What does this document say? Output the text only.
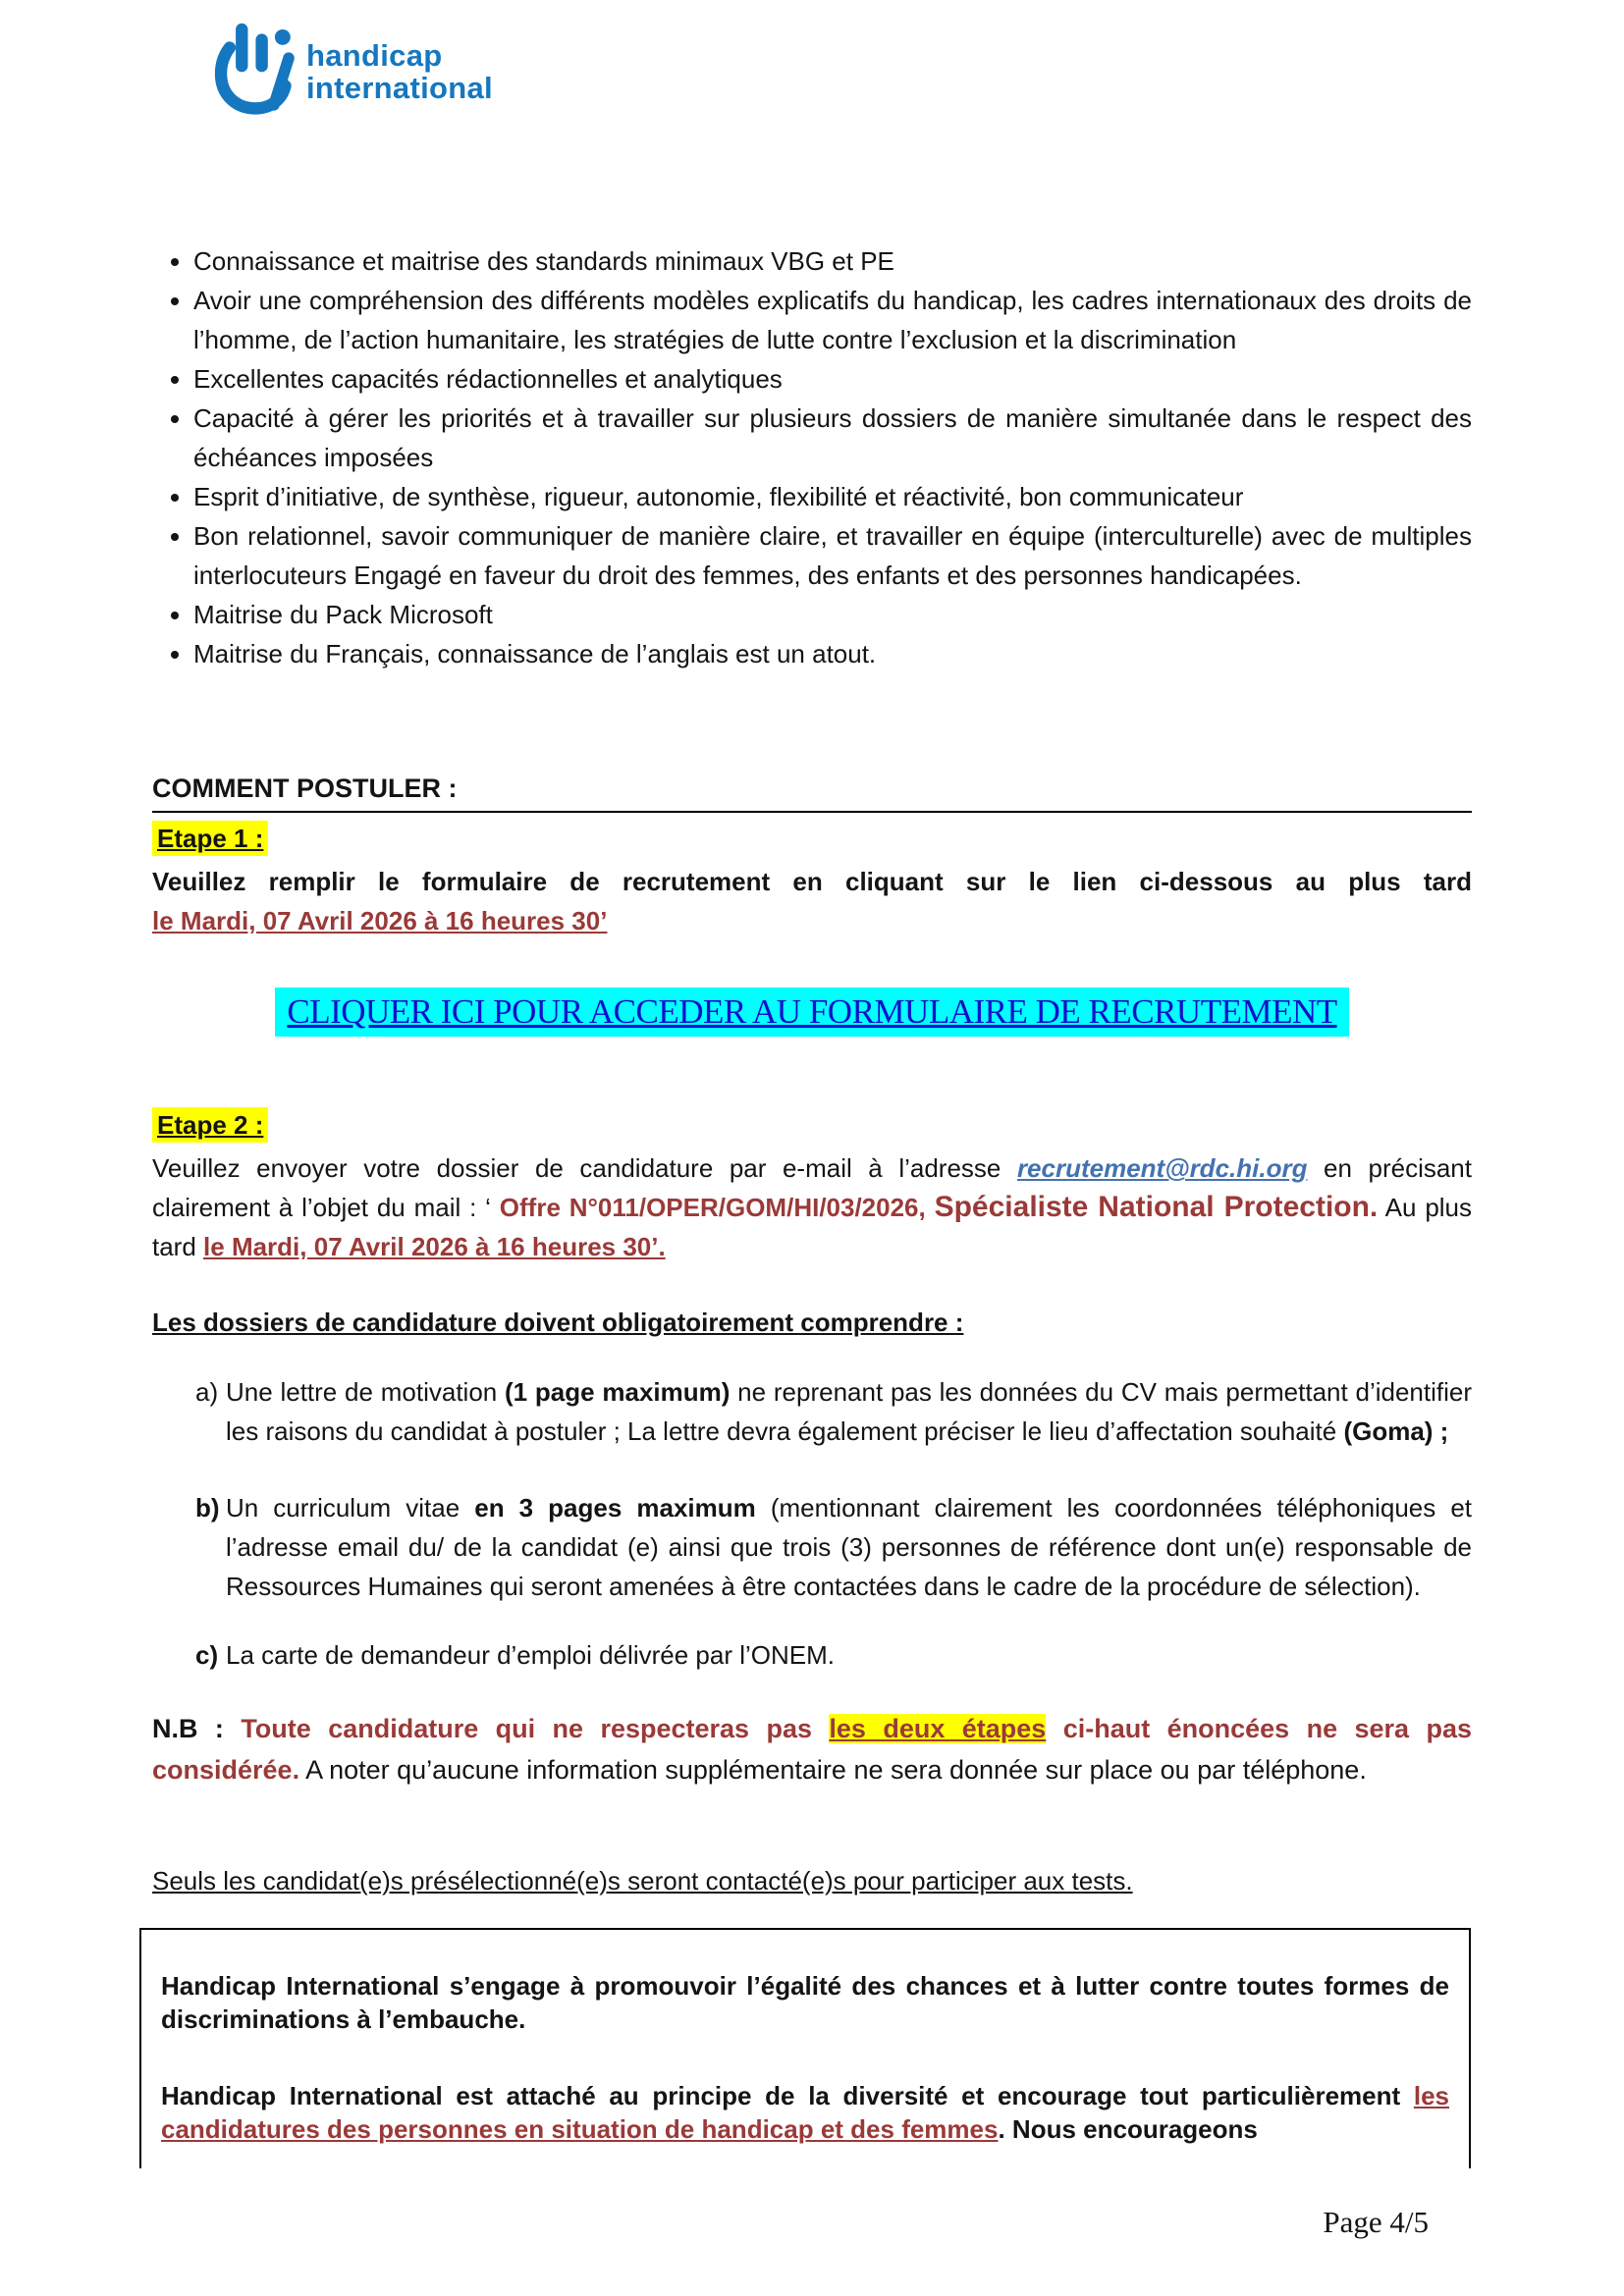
handicap
international
• Connaissance et maitrise des standards minimaux VBG et PE
• Avoir une compréhension des différents modèles explicatifs du handicap, les cadres internationaux des droits de l’homme, de l’action humanitaire, les stratégies de lutte contre l’exclusion et la discrimination
• Excellentes capacités rédactionnelles et analytiques
• Capacité à gérer les priorités et à travailler sur plusieurs dossiers de manière simultanée dans le respect des échéances imposées
• Esprit d’initiative, de synthèse, rigueur, autonomie, flexibilité et réactivité, bon communicateur
• Bon relationnel, savoir communiquer de manière claire, et travailler en équipe (interculturelle) avec de multiples interlocuteurs Engagé en faveur du droit des femmes, des enfants et des personnes handicapées.
• Maitrise du Pack Microsoft
• Maitrise du Français, connaissance de l’anglais est un atout.
COMMENT POSTULER :
Etape 1 :

Veuillez remplir le formulaire de recrutement en cliquant sur le lien ci-dessous au plus tard
le Mardi, 07 Avril 2026 à 16 heures 30’

CLIQUER ICI POUR ACCEDER AU FORMULAIRE DE RECRUTEMENT
Etape 2 :

Veuillez envoyer votre dossier de candidature par e-mail à l’adresse recrutement@rdc.hi.org en précisant clairement à l’objet du mail : ‘ Offre N°011/OPER/GOM/HI/03/2026, Spécialiste National Protection. Au plus tard le Mardi, 07 Avril 2026 à 16 heures 30’.

Les dossiers de candidature doivent obligatoirement comprendre :

a) Une lettre de motivation (1 page maximum) ne reprenant pas les données du CV mais permettant d’identifier les raisons du candidat à postuler ; La lettre devra également préciser le lieu d’affectation souhaité (Goma) ;

b) Un curriculum vitae en 3 pages maximum (mentionnant clairement les coordonnées téléphoniques et l’adresse email du/ de la candidat (e) ainsi que trois (3) personnes de référence dont un(e) responsable de Ressources Humaines qui seront amenées à être contactées dans le cadre de la procédure de sélection).

c) La carte de demandeur d’emploi délivrée par l’ONEM.

N.B : Toute candidature qui ne respecteras pas les deux étapes ci-haut énoncées ne sera pas considérée. A noter qu’aucune information supplémentaire ne sera donnée sur place ou par téléphone.

Seuls les candidat(e)s présélectionné(e)s seront contacté(e)s pour participer aux tests.

Handicap International s’engage à promouvoir l’égalité des chances et à lutter contre toutes formes de discriminations à l’embauche.

Handicap International est attaché au principe de la diversité et encourage tout particulièrement les candidatures des personnes en situation de handicap et des femmes. Nous encourageons

Page 4/5
